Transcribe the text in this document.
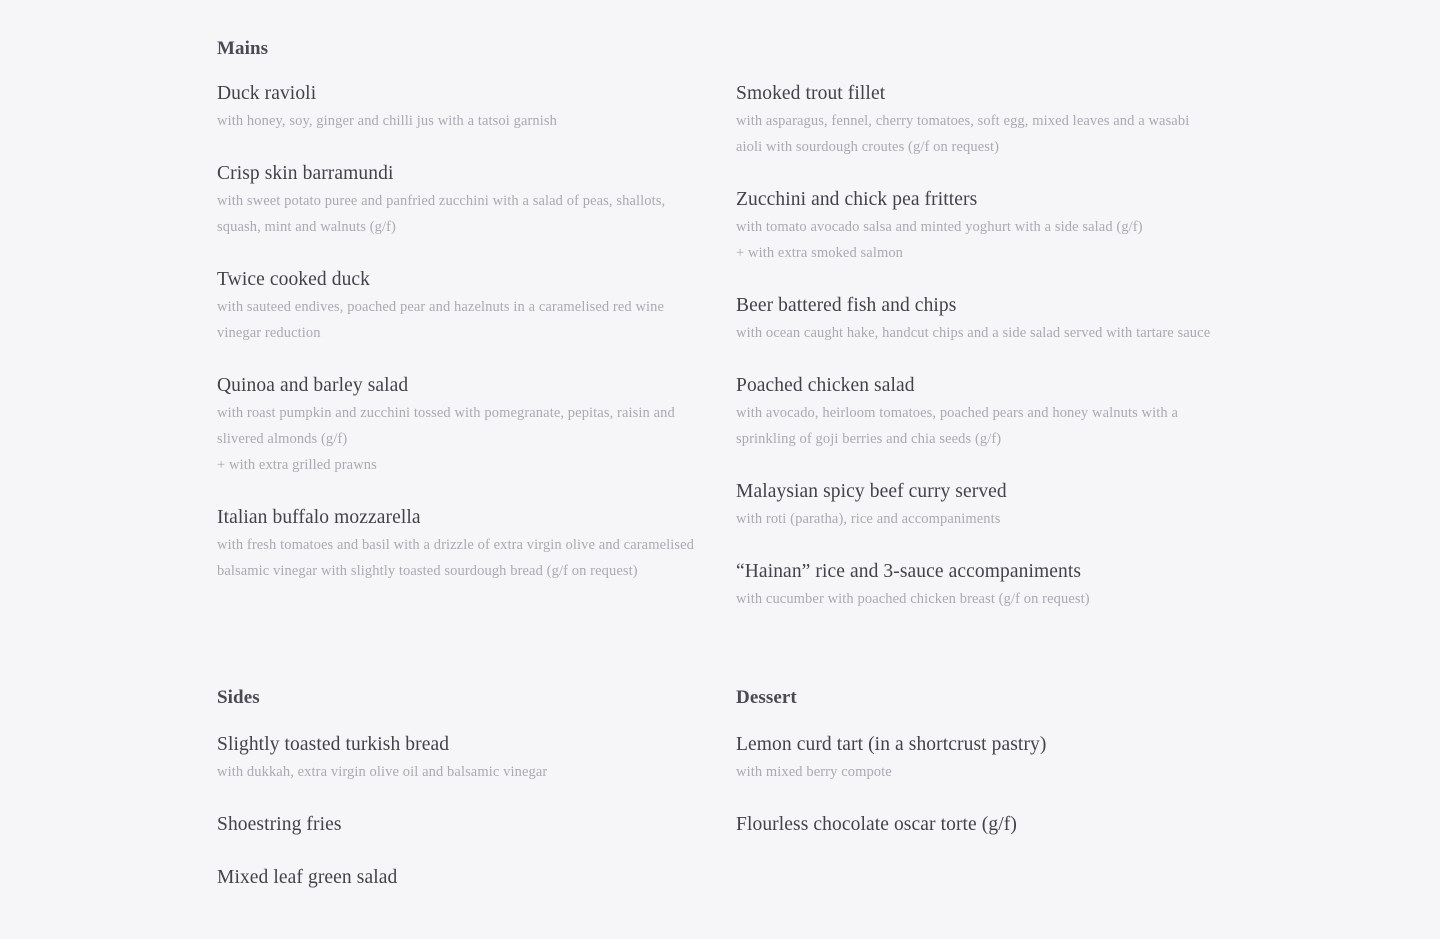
Mains
Duck ravioli
with honey, soy, ginger and chilli jus with a tatsoi garnish
Crisp skin barramundi
with sweet potato puree and panfried zucchini with a salad of peas, shallots, squash, mint and walnuts (g/f)
Twice cooked duck
with sauteed endives, poached pear and hazelnuts in a caramelised red wine vinegar reduction
Quinoa and barley salad
with roast pumpkin and zucchini tossed with pomegranate, pepitas, raisin and slivered almonds (g/f)
+ with extra grilled prawns
Italian buffalo mozzarella
with fresh tomatoes and basil with a drizzle of extra virgin olive and caramelised balsamic vinegar with slightly toasted sourdough bread (g/f on request)
Smoked trout fillet
with asparagus, fennel, cherry tomatoes, soft egg, mixed leaves and a wasabi aioli with sourdough croutes (g/f on request)
Zucchini and chick pea fritters
with tomato avocado salsa and minted yoghurt with a side salad (g/f)
+ with extra smoked salmon
Beer battered fish and chips
with ocean caught hake, handcut chips and a side salad served with tartare sauce
Poached chicken salad
with avocado, heirloom tomatoes, poached pears and honey walnuts with a sprinkling of goji berries and chia seeds (g/f)
Malaysian spicy beef curry served
with roti (paratha), rice and accompaniments
“Hainan” rice and 3-sauce accompaniments
with cucumber with poached chicken breast (g/f on request)
Sides
Slightly toasted turkish bread
with dukkah, extra virgin olive oil and balsamic vinegar
Shoestring fries
Mixed leaf green salad
Dessert
Lemon curd tart (in a shortcrust pastry)
with mixed berry compote
Flourless chocolate oscar torte (g/f)
